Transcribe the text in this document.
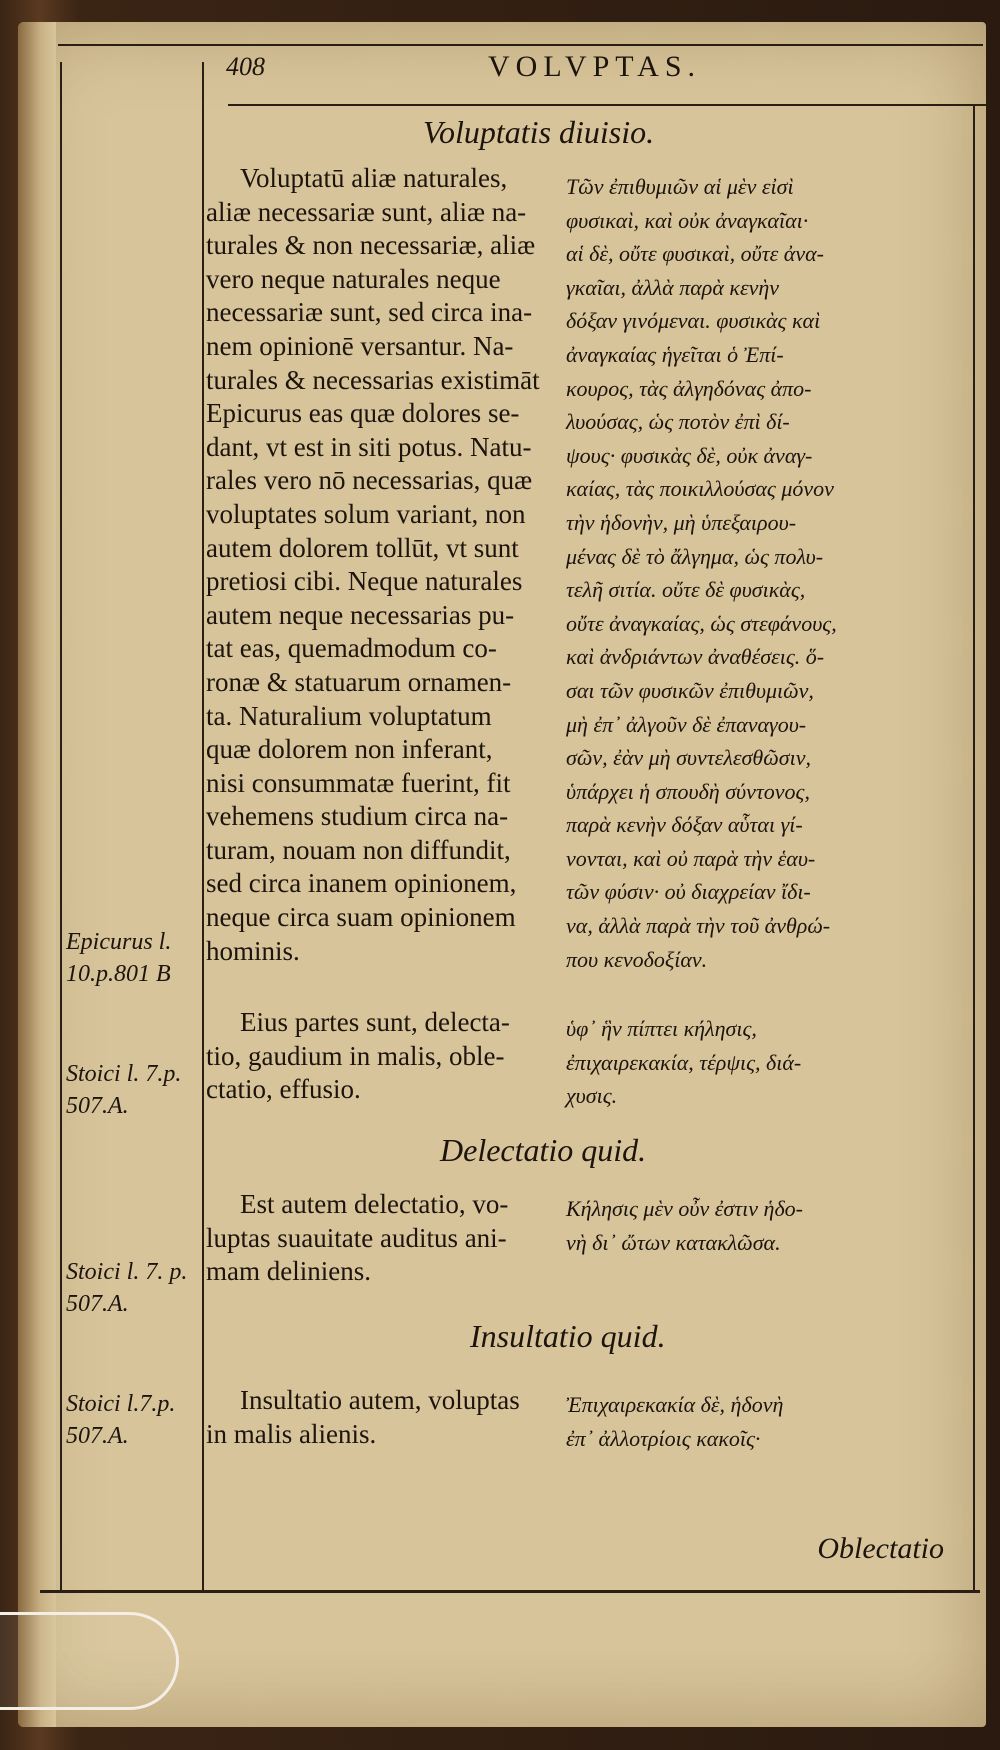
408	VOLVPTAS.
Voluptatis diuisio.
Voluptatū aliæ naturales,
aliæ necessariæ sunt, aliæ na-
turales & non necessariæ, aliæ
vero neque naturales neque
necessariæ sunt, sed circa ina-
nem opinionē versantur. Na-
turales & necessarias existimāt
Epicurus eas quæ dolores se-
dant, vt est in siti potus. Natu-
rales vero nō necessarias, quæ
voluptates solum variant, non
autem dolorem tollūt, vt sunt
pretiosi cibi. Neque naturales
autem neque necessarias pu-
tat eas, quemadmodum co-
ronæ & statuarum ornamen-
ta. Naturalium voluptatum
quæ dolorem non inferant,
nisi consummatæ fuerint, fit
vehemens studium circa na-
turam, nouam non diffundit,
sed circa inanem opinionem,
neque circa suam opinionem
hominis.
Eius partes sunt, delecta-
tio, gaudium in malis, oble-
ctatio, effusio.
Τῶν ἐπιθυμιῶν αἱ μὲν εἰσὶ
φυσικαὶ, καὶ οὐκ ἀναγκαῖαι·
αἱ δὲ, οὔτε φυσικαὶ, οὔτε ἀνα-
γκαῖαι, ἀλλὰ παρὰ κενὴν
δόξαν γινόμεναι. φυσικὰς καὶ
ἀναγκαίας ἡγεῖται ὁ Ἐπί-
κουρος, τὰς ἀλγηδόνας ἀπο-
λυούσας, ὡς ποτὸν ἐπὶ δί-
ψους· φυσικὰς δὲ, οὐκ ἀναγ-
καίας, τὰς ποικιλλούσας μόνον
τὴν ἡδονὴν, μὴ ὑπεξαιρου-
μένας δὲ τὸ ἄλγημα, ὡς πολυ-
τελῆ σιτία. οὔτε δὲ φυσικὰς,
οὔτε ἀναγκαίας, ὡς στεφάνους,
καὶ ἀνδριάντων ἀναθέσεις. ὅ-
σαι τῶν φυσικῶν ἐπιθυμιῶν,
μὴ ἐπ᾽ ἀλγοῦν δὲ ἐπαναγου-
σῶν, ἐὰν μὴ συντελεσθῶσιν,
ὑπάρχει ἡ σπουδὴ σύντονος,
παρὰ κενὴν δόξαν αὗται γί-
νονται, καὶ οὐ παρὰ τὴν ἑαυ-
τῶν φύσιν· οὐ διαχρείαν ἴδι-
να, ἀλλὰ παρὰ τὴν τοῦ ἀνθρώ-
που κενοδοξίαν.
ὑφ᾽ ἣν πίπτει κήλησις,
ἐπιχαιρεκακία, τέρψις, διά-
χυσις.
Delectatio quid.
Est autem delectatio, vo-
luptas suauitate auditus ani-
mam deliniens.
Κήλησις μὲν οὖν ἐστιν ἡδο-
νὴ δι᾽ ὤτων κατακλῶσα.
Insultatio quid.
Insultatio autem, voluptas
in malis alienis.
Ἐπιχαιρεκακία δὲ, ἡδονὴ
ἐπ᾽ ἀλλοτρίοις κακοῖς·
Epicurus l.
10.p.801 B
Stoici l. 7.p.
507.A.
Stoici l. 7. p.
507.A.
Stoici l.7.p.
507.A.
Oblectatio
